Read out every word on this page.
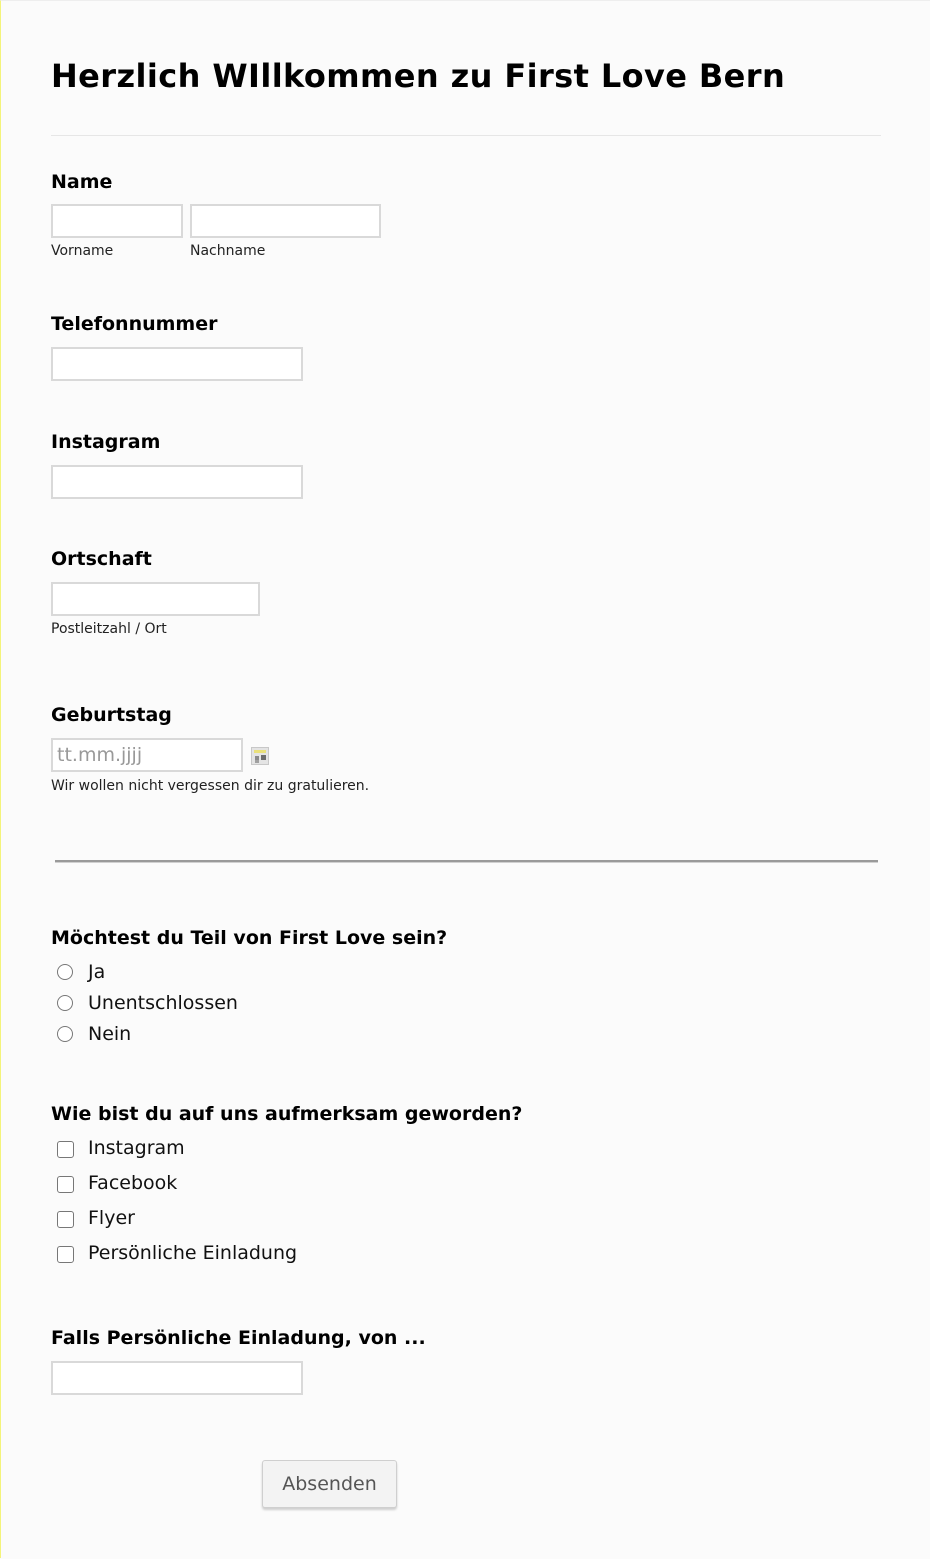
Herzlich WIllkommen zu First Love Bern
Name
Vorname	Nachname
Telefonnummer
Instagram
Ortschaft
Postleitzahl / Ort
Geburtstag
tt.mm.jjjj
Wir wollen nicht vergessen dir zu gratulieren.
Möchtest du Teil von First Love sein?
Ja
Unentschlossen
Nein
Wie bist du auf uns aufmerksam geworden?
Instagram
Facebook
Flyer
Persönliche Einladung
Falls Persönliche Einladung, von ...
Absenden
